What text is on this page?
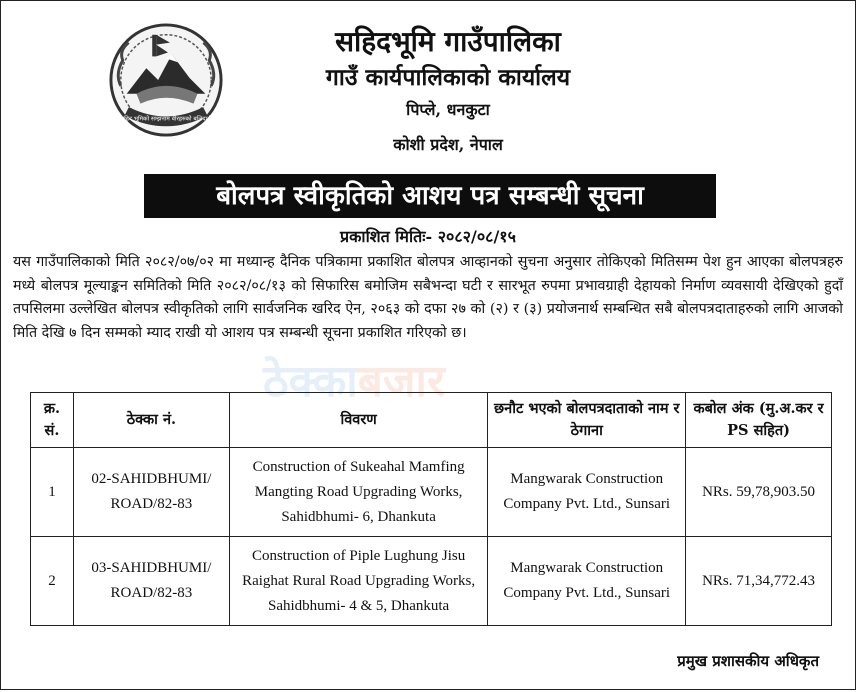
सहिद भूमिको सम्झनाम वीरहरुको बलिदानी
सहिदभूमि गाउँपालिका
गाउँ कार्यपालिकाको कार्यालय
पिप्ले, धनकुटा
कोशी प्रदेश, नेपाल
बोलपत्र स्वीकृतिको आशय पत्र सम्बन्धी सूचना
प्रकाशित मितिः- २०८२/०८/१५
यस गाउँपालिकाको मिति २०८२/०७/०२ मा मध्यान्ह दैनिक पत्रिकामा प्रकाशित बोलपत्र आव्हानको सुचना अनुसार तोकिएको मितिसम्म पेश हुन आएका बोलपत्रहरु मध्ये बोलपत्र मूल्याङ्कन समितिको मिति २०८२/०८/१३ को सिफारिस बमोजिम सबैभन्दा घटी र सारभूत रुपमा प्रभावग्राही देहायको निर्माण व्यवसायी देखिएको हुदाँ तपसिलमा उल्लेखित बोलपत्र स्वीकृतिको लागि सार्वजनिक खरिद ऐन, २०६३ को दफा २७ को (२) र (३) प्रयोजनार्थ सम्बन्धित सबै बोलपत्रदाताहरुको लागि आजको मिति देखि ७ दिन सम्मको म्याद राखी यो आशय पत्र सम्बन्धी सूचना प्रकाशित गरिएको छ।
ठेक्काबजार
क्र. सं.	ठेक्का नं.	विवरण	छनौट भएको बोलपत्रदाताको नाम र ठेगाना	कबोल अंक (मु.अ.कर र PS सहित)
1	02-SAHIDBHUMI/ ROAD/82-83	Construction of Sukeahal Mamfing Mangting Road Upgrading Works, Sahidbhumi- 6, Dhankuta	Mangwarak Construction Company Pvt. Ltd., Sunsari	NRs. 59,78,903.50
2	03-SAHIDBHUMI/ ROAD/82-83	Construction of Piple Lughung Jisu Raighat Rural Road Upgrading Works, Sahidbhumi- 4 & 5, Dhankuta	Mangwarak Construction Company Pvt. Ltd., Sunsari	NRs. 71,34,772.43
प्रमुख प्रशासकीय अधिकृत
